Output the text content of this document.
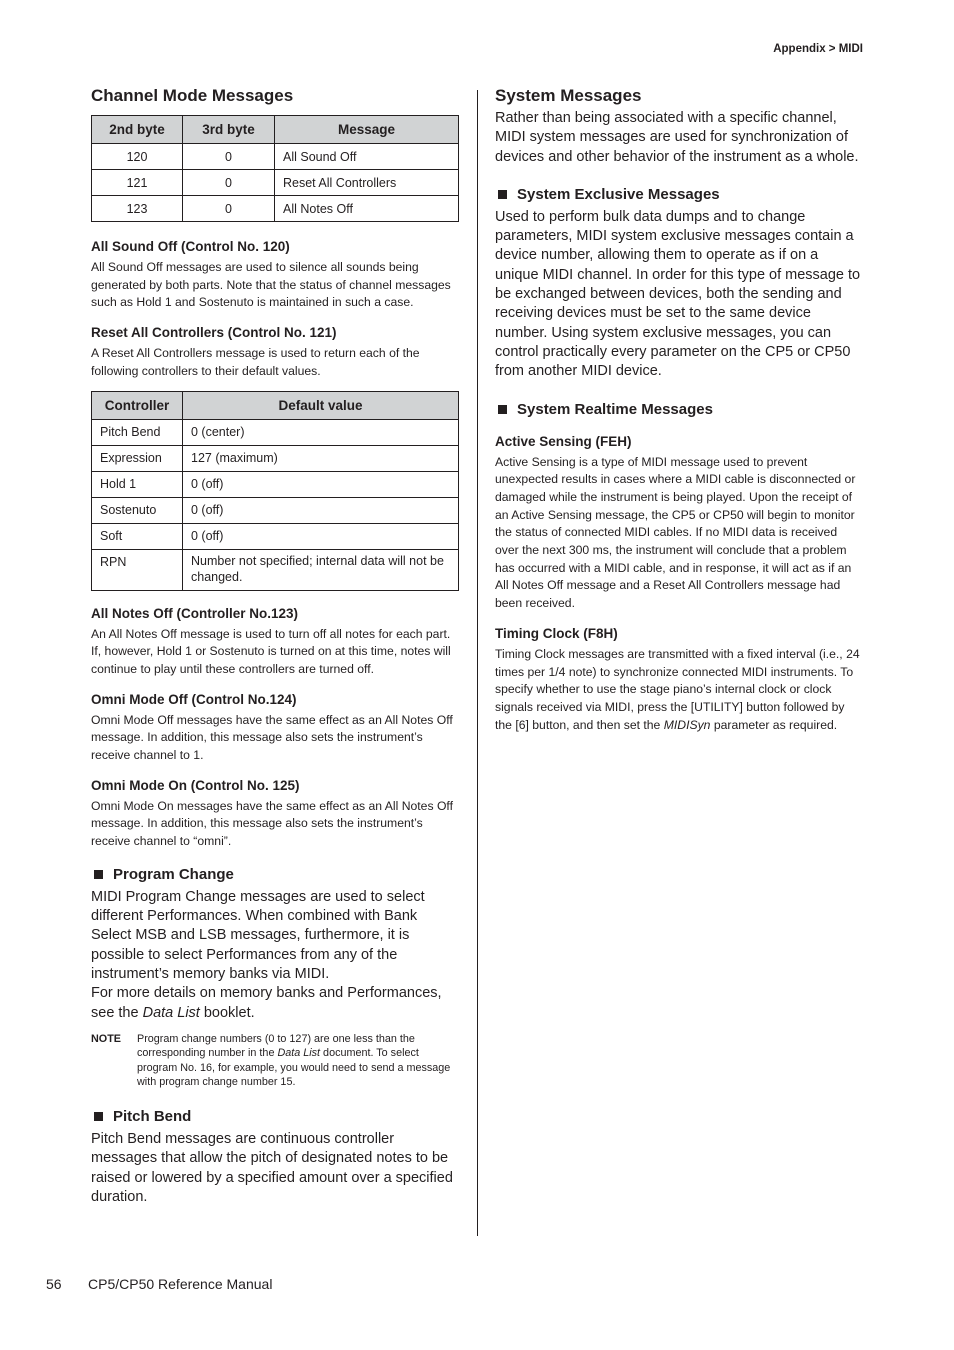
Appendix > MIDI
Channel Mode Messages
2nd byte	3rd byte	Message
120	0	All Sound Off
121	0	Reset All Controllers
123	0	All Notes Off
All Sound Off (Control No. 120)

All Sound Off messages are used to silence all sounds being generated by both parts. Note that the status of channel messages such as Hold 1 and Sostenuto is maintained in such a case.

Reset All Controllers (Control No. 121)

A Reset All Controllers message is used to return each of the following controllers to their default values.

Controller	Default value
Pitch Bend	0 (center)
Expression	127 (maximum)
Hold 1	0 (off)
Sostenuto	0 (off)
Soft	0 (off)
RPN	Number not specified; internal data will not be changed.
All Notes Off (Controller No.123)

An All Notes Off message is used to turn off all notes for each part. If, however, Hold 1 or Sostenuto is turned on at this time, notes will continue to play until these controllers are turned off.

Omni Mode Off (Control No.124)

Omni Mode Off messages have the same effect as an All Notes Off message. In addition, this message also sets the instrument’s receive channel to 1.

Omni Mode On (Control No. 125)

Omni Mode On messages have the same effect as an All Notes Off message. In addition, this message also sets the instrument’s receive channel to “omni”.

Program Change

MIDI Program Change messages are used to select different Performances. When combined with Bank Select MSB and LSB messages, furthermore, it is possible to select Performances from any of the instrument’s memory banks via MIDI.

For more details on memory banks and Performances, see the Data List booklet.

NOTE	Program change numbers (0 to 127) are one less than the corresponding number in the Data List document. To select program No. 16, for example, you would need to send a message with program change number 15.
Pitch Bend

Pitch Bend messages are continuous controller messages that allow the pitch of designated notes to be raised or lowered by a specified amount over a specified duration.

System Messages

Rather than being associated with a specific channel, MIDI system messages are used for synchronization of devices and other behavior of the instrument as a whole.

System Exclusive Messages

Used to perform bulk data dumps and to change parameters, MIDI system exclusive messages contain a device number, allowing them to operate as if on a unique MIDI channel. In order for this type of message to be exchanged between devices, both the sending and receiving devices must be set to the same device number. Using system exclusive messages, you can control practically every parameter on the CP5 or CP50 from another MIDI device.

System Realtime Messages
Active Sensing (FEH)

Active Sensing is a type of MIDI message used to prevent unexpected results in cases where a MIDI cable is disconnected or damaged while the instrument is being played. Upon the receipt of an Active Sensing message, the CP5 or CP50 will begin to monitor the status of connected MIDI cables. If no MIDI data is received over the next 300 ms, the instrument will conclude that a problem has occurred with a MIDI cable, and in response, it will act as if an All Notes Off message and a Reset All Controllers message had been received.

Timing Clock (F8H)

Timing Clock messages are transmitted with a fixed interval (i.e., 24 times per 1/4 note) to synchronize connected MIDI instruments. To specify whether to use the stage piano’s internal clock or clock signals received via MIDI, press the [UTILITY] button followed by the [6] button, and then set the MIDISyn parameter as required.

56 CP5/CP50 Reference Manual
